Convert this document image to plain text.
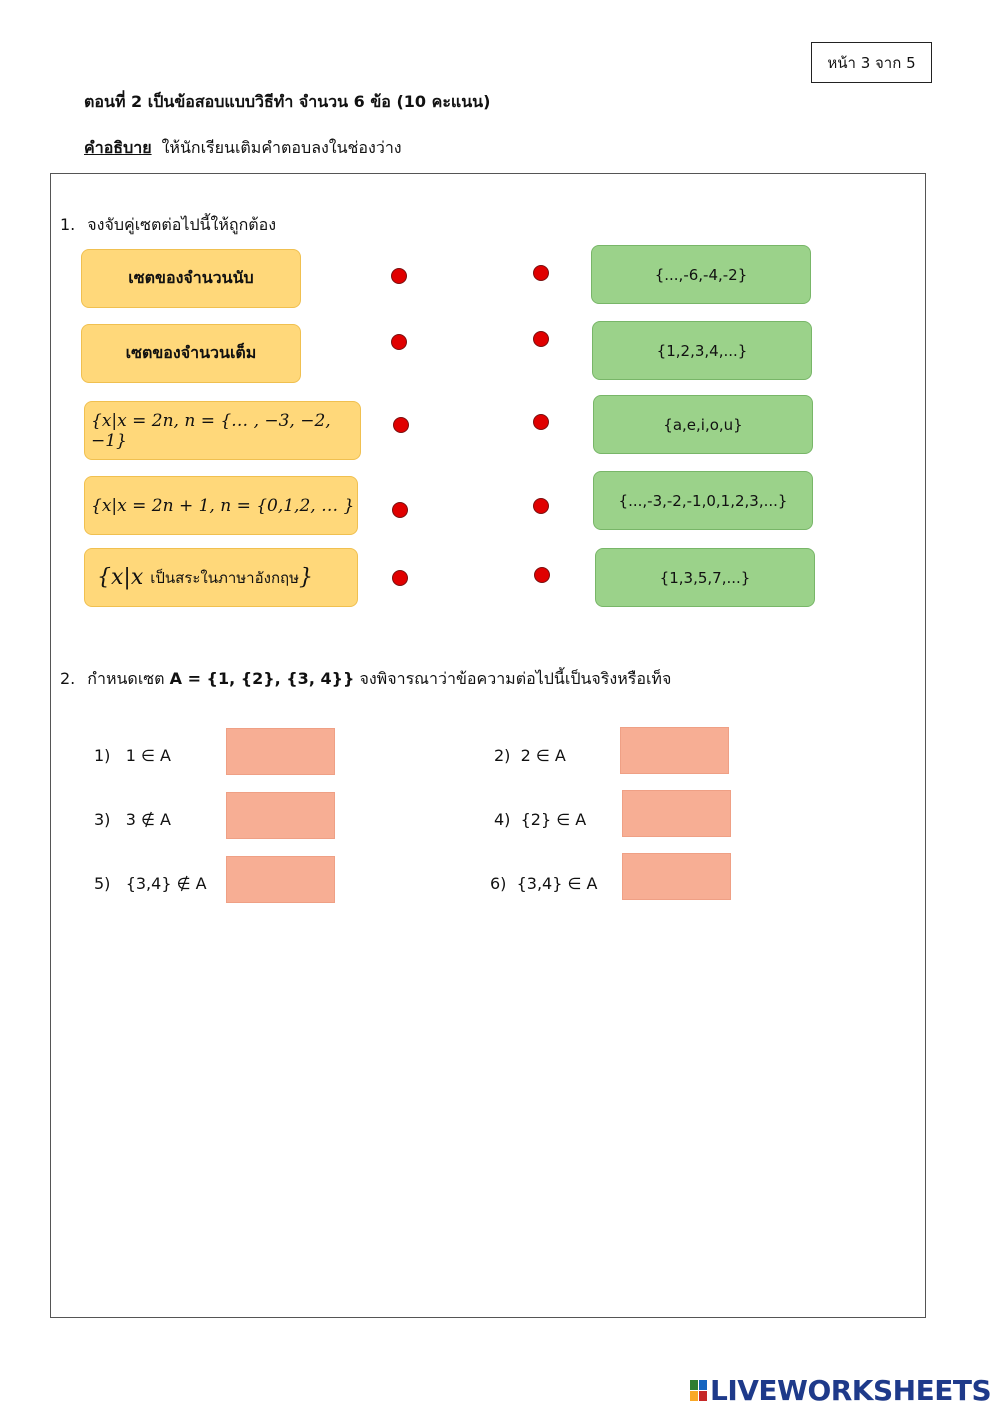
หน้า 3 จาก 5
ตอนที่ 2 เป็นข้อสอบแบบวิธีทำ จำนวน 6 ข้อ (10 คะแนน)
คำอธิบาย ให้นักเรียนเติมคำตอบลงในช่องว่าง
1. จงจับคู่เซตต่อไปนี้ให้ถูกต้อง
เซตของจำนวนนับ
เซตของจำนวนเต็ม
{x|x = 2n, n = {… , −3, −2, −1}
{x|x = 2n + 1, n = {0,1,2, … }
{x|x
เป็นสระในภาษาอังกฤษ }
{...,-6,-4,-2}
{1,2,3,4,...}
{a,e,i,o,u}
{...,-3,-2,-1,0,1,2,3,...}
{1,3,5,7,...}
2. กำหนดเซต A = {1, {2}, {3, 4}} จงพิจารณาว่าข้อความต่อไปนี้เป็นจริงหรือเท็จ
1) 1 ∈ A	2) 2 ∈ A
3) 3 ∉ A	4) {2} ∈ A
5) {3,4} ∉ A	6) {3,4} ∈ A
LIVEWORKSHEETS
